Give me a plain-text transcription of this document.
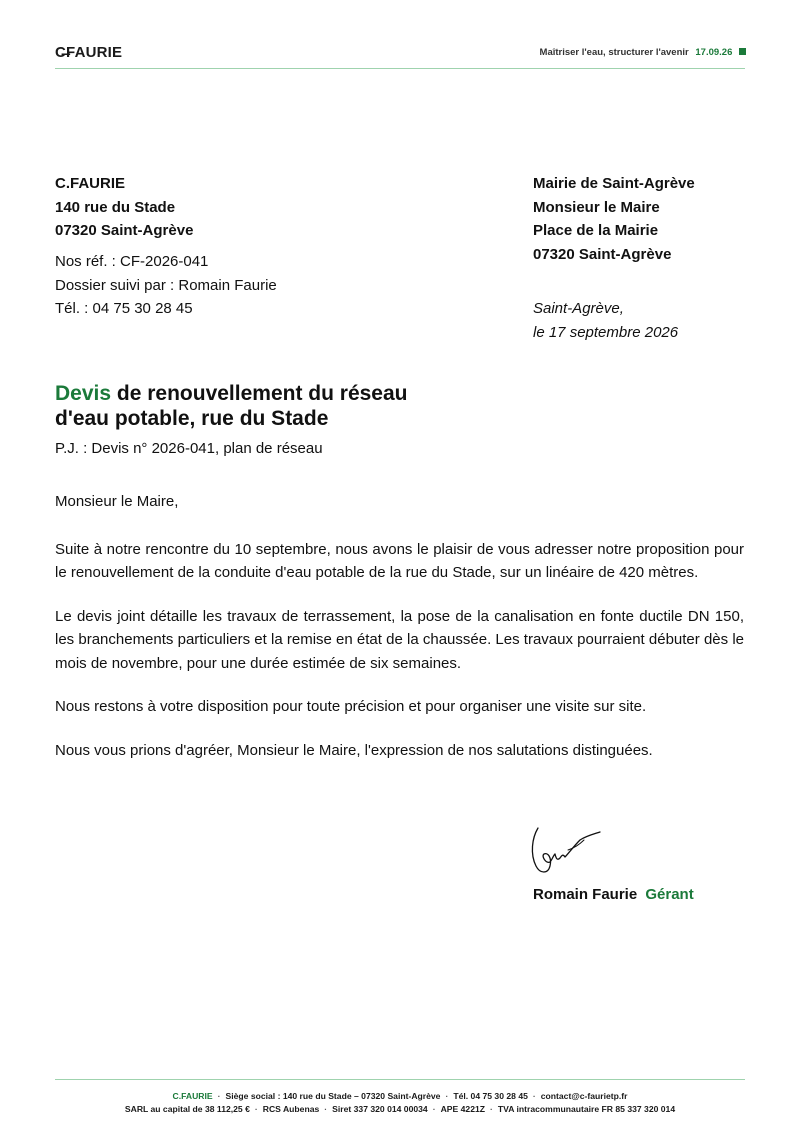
C̶FAURIE	Maîtriser l'eau, structurer l'avenir 17.09.26
C.FAURIE
140 rue du Stade
07320 Saint-Agrève
Nos réf. : CF-2026-041
Dossier suivi par : Romain Faurie
Tél. : 04 75 30 28 45
Mairie de Saint-Agrève
Monsieur le Maire
Place de la Mairie
07320 Saint-Agrève
Saint-Agrève,
le 17 septembre 2026
Devis de renouvellement du réseau
d'eau potable, rue du Stade
P.J. : Devis n° 2026-041, plan de réseau

Monsieur le Maire,

Suite à notre rencontre du 10 septembre, nous avons le plaisir de vous adresser notre proposition pour le renouvellement de la conduite d'eau potable de la rue du Stade, sur un linéaire de 420 mètres.

Le devis joint détaille les travaux de terrassement, la pose de la canalisation en fonte ductile DN 150, les branchements particuliers et la remise en état de la chaussée. Les travaux pourraient débuter dès le mois de novembre, pour une durée estimée de six semaines.

Nous restons à votre disposition pour toute précision et pour organiser une visite sur site.

Nous vous prions d'agréer, Monsieur le Maire, l'expression de nos salutations distinguées.

Romain Faurie Gérant
C.FAURIE · Siège social : 140 rue du Stade – 07320 Saint-Agrève · Tél. 04 75 30 28 45 · contact@c-faurietp.fr
SARL au capital de 38 112,25 € · RCS Aubenas · Siret 337 320 014 00034 · APE 4221Z · TVA intracommunautaire FR 85 337 320 014
